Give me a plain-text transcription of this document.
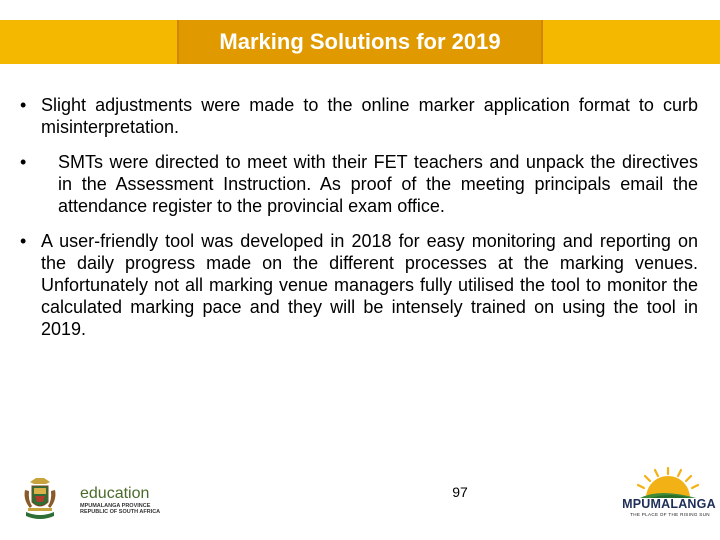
Marking Solutions for 2019
• Slight adjustments were made to the online marker application format to curb misinterpretation.
• SMTs were directed to meet with their FET teachers and unpack the directives in the Assessment Instruction. As proof of the meeting principals email the attendance register to the provincial exam office.
• A user-friendly tool was developed in 2018 for easy monitoring and reporting on the daily progress made on the different processes at the marking venues. Unfortunately not all marking venue managers fully utilised the tool to monitor the calculated marking pace and they will be intensely trained on using the tool in 2019.
97
education
MPUMALANGA PROVINCE
REPUBLIC OF SOUTH AFRICA
MPUMALANGA
THE PLACE OF THE RISING SUN
